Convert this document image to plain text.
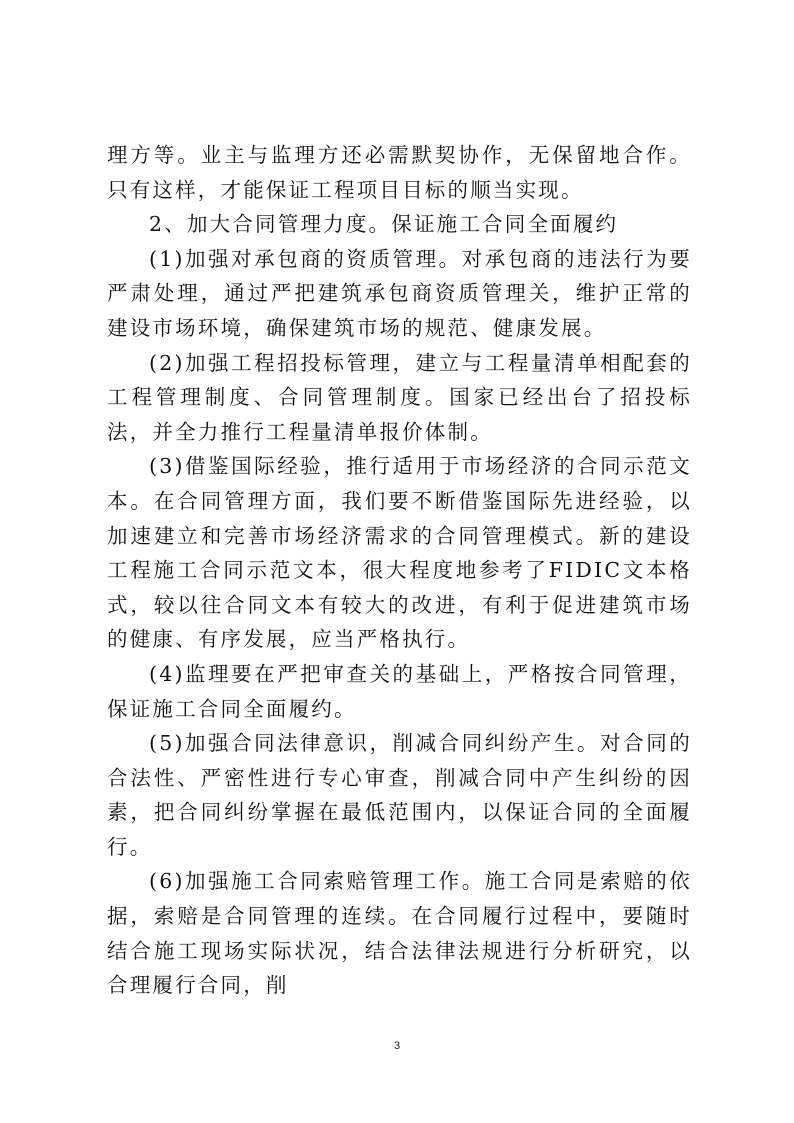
理方等。业主与监理方还必需默契协作，无保留地合作。只有这样，才能保证工程项目目标的顺当实现。

2、加大合同管理力度。保证施工合同全面履约

(1)加强对承包商的资质管理。对承包商的违法行为要严肃处理，通过严把建筑承包商资质管理关，维护正常的建设市场环境，确保建筑市场的规范、健康发展。

(2)加强工程招投标管理，建立与工程量清单相配套的工程管理制度、合同管理制度。国家已经出台了招投标法，并全力推行工程量清单报价体制。

(3)借鉴国际经验，推行适用于市场经济的合同示范文本。在合同管理方面，我们要不断借鉴国际先进经验，以加速建立和完善市场经济需求的合同管理模式。新的建设工程施工合同示范文本，很大程度地参考了FIDIC文本格式，较以往合同文本有较大的改进，有利于促进建筑市场的健康、有序发展，应当严格执行。

(4)监理要在严把审查关的基础上，严格按合同管理，保证施工合同全面履约。

(5)加强合同法律意识，削减合同纠纷产生。对合同的合法性、严密性进行专心审查，削减合同中产生纠纷的因素，把合同纠纷掌握在最低范围内，以保证合同的全面履行。

(6)加强施工合同索赔管理工作。施工合同是索赔的依据，索赔是合同管理的连续。在合同履行过程中，要随时结合施工现场实际状况，结合法律法规进行分析研究，以合理履行合同，削

3
